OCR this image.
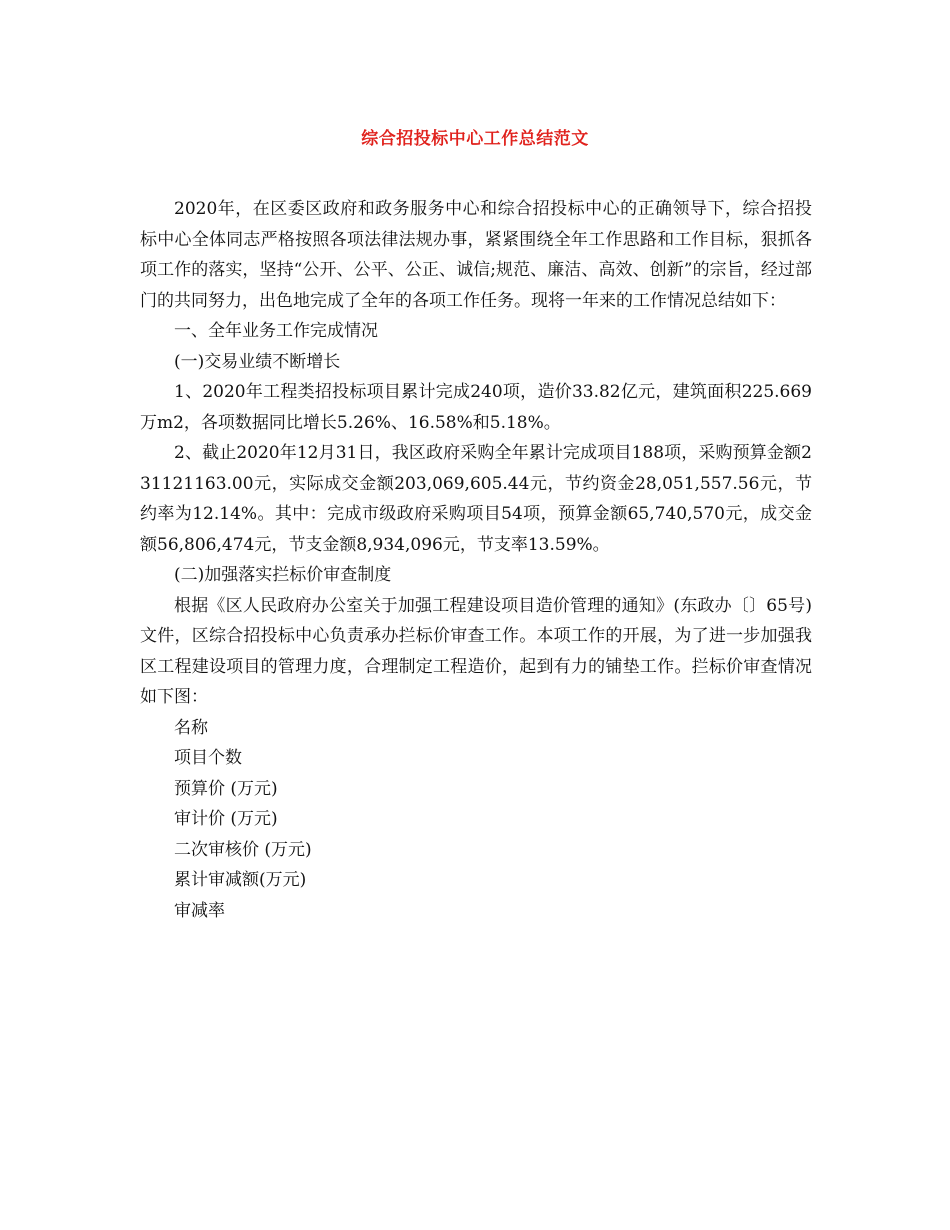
综合招投标中心工作总结范文

2020年，在区委区政府和政务服务中心和综合招投标中心的正确领导下，综合招投标中心全体同志严格按照各项法律法规办事，紧紧围绕全年工作思路和工作目标，狠抓各项工作的落实，坚持“公开、公平、公正、诚信;规范、廉洁、高效、创新”的宗旨，经过部门的共同努力，出色地完成了全年的各项工作任务。现将一年来的工作情况总结如下：

一、全年业务工作完成情况

(一)交易业绩不断增长

1、2020年工程类招投标项目累计完成240项，造价33.82亿元，建筑面积225.669万m2，各项数据同比增长5.26%、16.58%和5.18%。

2、截止2020年12月31日，我区政府采购全年累计完成项目188项，采购预算金额231121163.00元，实际成交金额203,069,605.44元，节约资金28,051,557.56元，节约率为12.14%。其中：完成市级政府采购项目54项，预算金额65,740,570元，成交金额56,806,474元，节支金额8,934,096元，节支率13.59%。

(二)加强落实拦标价审查制度

根据《区人民政府办公室关于加强工程建设项目造价管理的通知》(东政办〔〕65号)文件，区综合招投标中心负责承办拦标价审查工作。本项工作的开展，为了进一步加强我区工程建设项目的管理力度，合理制定工程造价，起到有力的铺垫工作。拦标价审查情况如下图：

名称

项目个数

预算价 (万元)

审计价 (万元)

二次审核价 (万元)

累计审减额(万元)

审减率
